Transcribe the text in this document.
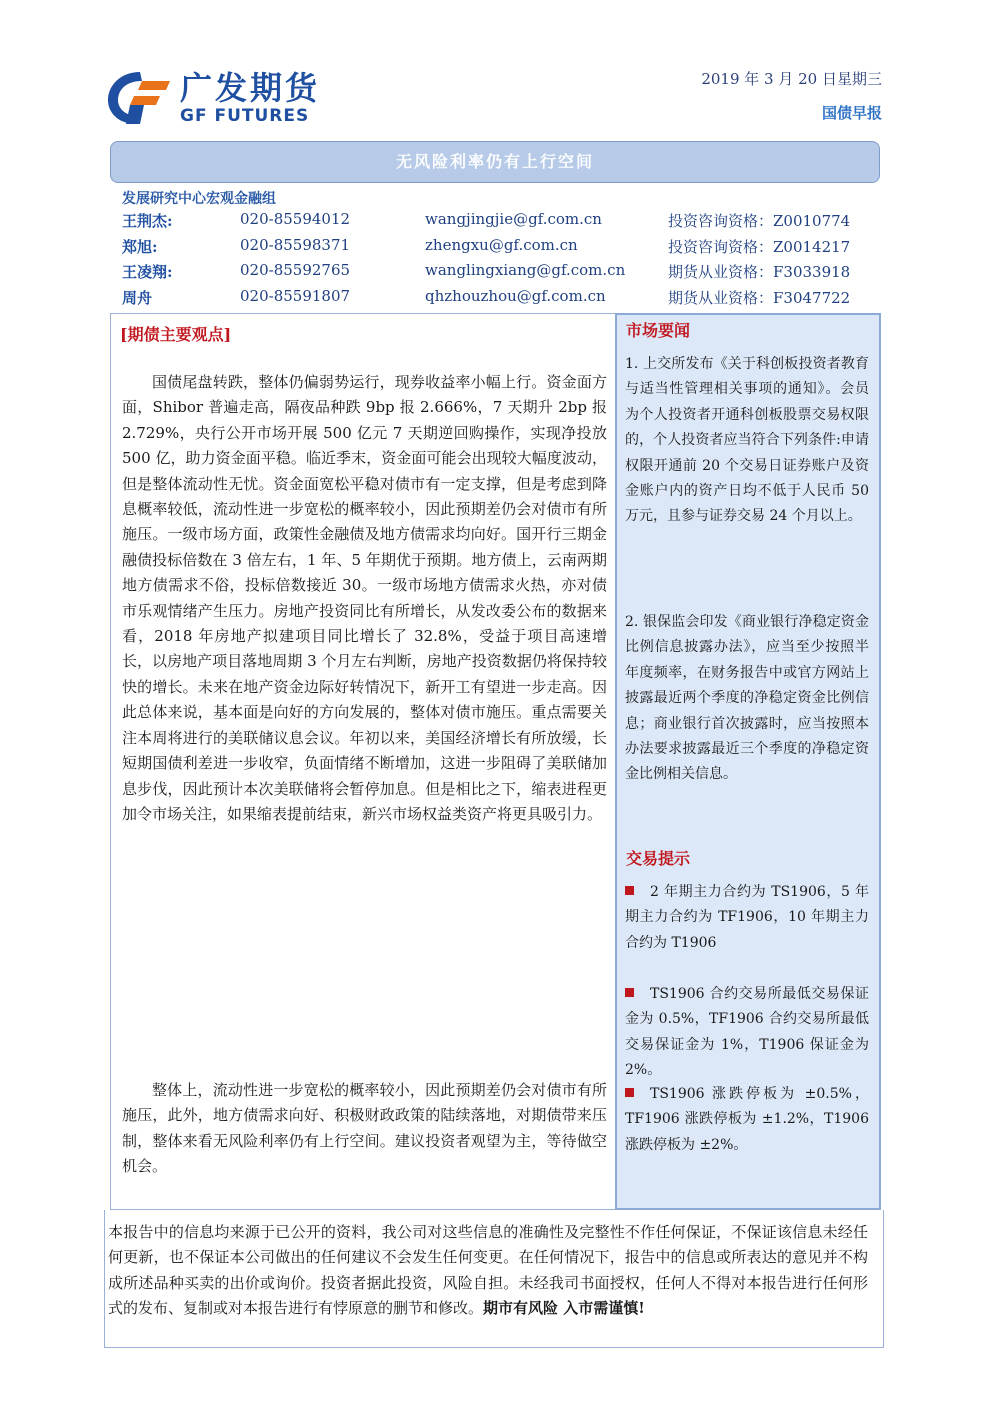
广发期货
GF FUTURES
2019 年 3 月 20 日星期三
国债早报
无风险利率仍有上行空间
发展研究中心宏观金融组
王荆杰:	020-85594012	wangjingjie@gf.com.cn	投资咨询资格：Z0010774
郑旭:	020-85598371	zhengxu@gf.com.cn	投资咨询资格：Z0014217
王凌翔:	020-85592765	wanglingxiang@gf.com.cn	期货从业资格：F3033918
周舟	020-85591807	qhzhouzhou@gf.com.cn	期货从业资格：F3047722
[期债主要观点]
国债尾盘转跌，整体仍偏弱势运行，现券收益率小幅上行。资金面方面，Shibor 普遍走高，隔夜品种跌 9bp 报 2.666%，7 天期升 2bp 报 2.729%，央行公开市场开展 500 亿元 7 天期逆回购操作，实现净投放 500 亿，助力资金面平稳。临近季末，资金面可能会出现较大幅度波动，但是整体流动性无忧。资金面宽松平稳对债市有一定支撑，但是考虑到降息概率较低，流动性进一步宽松的概率较小，因此预期差仍会对债市有所施压。一级市场方面，政策性金融债及地方债需求均向好。国开行三期金融债投标倍数在 3 倍左右，1 年、5 年期优于预期。地方债上，云南两期地方债需求不俗，投标倍数接近 30。一级市场地方债需求火热，亦对债市乐观情绪产生压力。房地产投资同比有所增长，从发改委公布的数据来看，2018 年房地产拟建项目同比增长了 32.8%，受益于项目高速增长，以房地产项目落地周期 3 个月左右判断，房地产投资数据仍将保持较快的增长。未来在地产资金边际好转情况下，新开工有望进一步走高。因此总体来说，基本面是向好的方向发展的，整体对债市施压。重点需要关注本周将进行的美联储议息会议。年初以来，美国经济增长有所放缓，长短期国债利差进一步收窄，负面情绪不断增加，这进一步阻碍了美联储加息步伐，因此预计本次美联储将会暂停加息。但是相比之下，缩表进程更加令市场关注，如果缩表提前结束，新兴市场权益类资产将更具吸引力。
整体上，流动性进一步宽松的概率较小，因此预期差仍会对债市有所施压，此外，地方债需求向好、积极财政政策的陆续落地，对期债带来压制，整体来看无风险利率仍有上行空间。建议投资者观望为主，等待做空机会。
市场要闻
1. 上交所发布《关于科创板投资者教育与适当性管理相关事项的通知》。会员为个人投资者开通科创板股票交易权限的，个人投资者应当符合下列条件:申请权限开通前 20 个交易日证券账户及资金账户内的资产日均不低于人民币 50 万元，且参与证券交易 24 个月以上。
2. 银保监会印发《商业银行净稳定资金比例信息披露办法》，应当至少按照半年度频率，在财务报告中或官方网站上披露最近两个季度的净稳定资金比例信息；商业银行首次披露时，应当按照本办法要求披露最近三个季度的净稳定资金比例相关信息。
交易提示
2 年期主力合约为 TS1906，5 年期主力合约为 TF1906，10 年期主力合约为 T1906
TS1906 合约交易所最低交易保证金为 0.5%，TF1906 合约交易所最低交易保证金为 1%，T1906 保证金为 2%。
TS1906 涨跌停板为 ±0.5%，TF1906 涨跌停板为 ±1.2%，T1906 涨跌停板为 ±2%。
本报告中的信息均来源于已公开的资料，我公司对这些信息的准确性及完整性不作任何保证，不保证该信息未经任何更新，也不保证本公司做出的任何建议不会发生任何变更。在任何情况下，报告中的信息或所表达的意见并不构成所述品种买卖的出价或询价。投资者据此投资，风险自担。未经我司书面授权，任何人不得对本报告进行任何形式的发布、复制或对本报告进行有悖原意的删节和修改。期市有风险 入市需谨慎!
